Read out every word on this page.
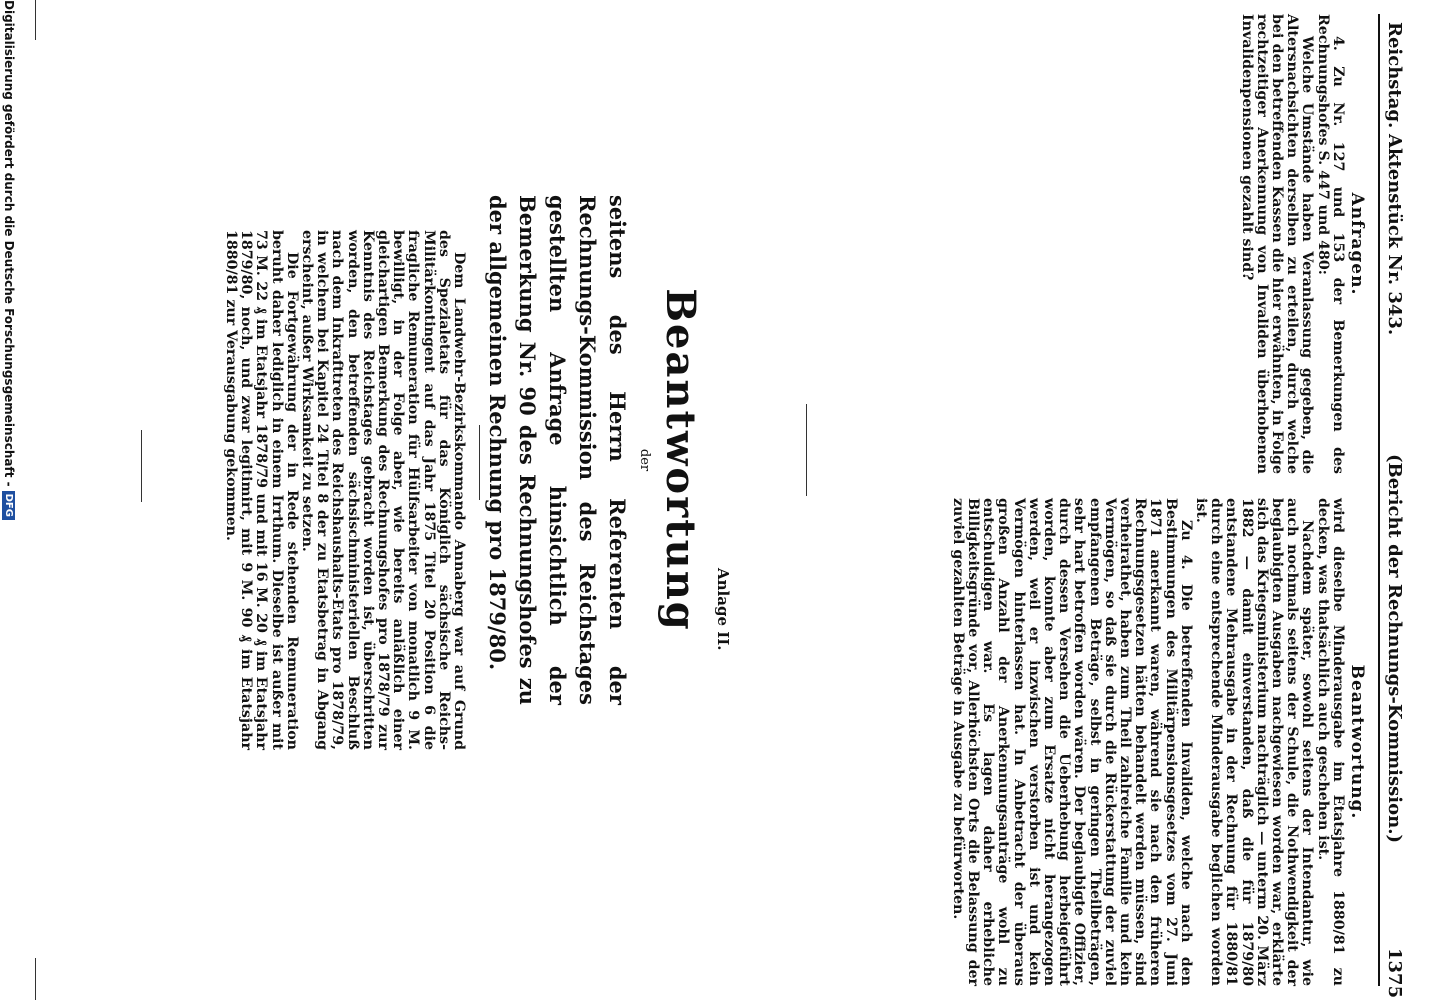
Reichstag.
Aktenstück Nr. 343.
(Bericht der Rechnungs-Kommission.)
1375
Anfragen.

4. Zu Nr. 127 und 153 der Bemerkungen des Rechnungshofes S. 447 und 480:

Welche Umstände haben Veranlassung gegeben, die Altersnachsichten derselben zu erteilen, durch welche bei den betreffenden Kassen die hier erwähnten, in Folge rechtzeitiger Anerkennung von Invaliden überhobenen Invalidenpensionen gezahlt sind?

Beantwortung.

wird dieselbe Minderausgabe im Etatsjahre 1880/81 zu decken, was thatsächlich auch geschehen ist.

Nachdem später, sowohl seitens der Intendantur, wie auch nochmals seitens der Schule, die Nothwendigkeit der beglaubigten Ausgaben nachgewiesen worden war, erklärte sich das Kriegsministerium nachträglich — unterm 20. März 1882 — damit einverstanden, daß die für 1879/80 entstandene Mehrausgabe in der Rechnung für 1880/81 durch eine entsprechende Minderausgabe beglichen worden ist.

Zu 4. Die betreffenden Invaliden, welche nach den Bestimmungen des Militärpensionsgesetzes vom 27. Juni 1871 anerkannt waren, während sie nach den früheren Rechnungsgesetzen hätten behandelt werden müssen, sind verheirathet, haben zum Theil zahlreiche Familie und kein Vermögen, so daß sie durch die Rückerstattung der zuviel empfangenen Beträge, selbst in geringen Theilbeträgen, sehr hart betroffen worden wären. Der beglaubigte Offizier, durch dessen Versehen die Ueberhebung herbeigeführt worden, konnte aber zum Ersatze nicht herangezogen werden, weil er inzwischen verstorben ist und kein Vermögen hinterlassen hat. In Anbetracht der überaus großen Anzahl der Anerkennungsanträge wohl zu entschuldigen war. Es lagen daher erhebliche Billigkeitsgründe vor, Allerhöchsten Orts die Belassung der zuviel gezahlten Beträge in Ausgabe zu befürworten.

Anlage II.
Beantwortung
der
seitens des Herrn Referenten der Rechnungs-Kommission des Reichstages gestellten Anfrage hinsichtlich der Bemerkung Nr. 90 des Rechnungshofes zu der allgemeinen Rechnung pro 1879/80.

Dem Landwehr-Bezirkskommando Annaberg war auf Grund des Spezialetats für das Königlich sächsische Reichs-Militärkontingent auf das Jahr 1875 Titel 20 Position 6 die fragliche Remuneration für Hülfsarbeiter von monatlich 9 M. bewilligt, in der Folge aber, wie bereits anläßlich einer gleichartigen Bemerkung des Rechnungshofes pro 1878/79 zur Kenntnis des Reichstages gebracht worden ist, überschritten worden, den betreffenden sächsischministeriellen Beschluß nach dem Inkrafttreten des Reichshaushalts-Etats pro 1878/79, in welchem bei Kapitel 24 Titel 8 der zu Etatsbetrag in Abgang erscheint, außer Wirksamkeit zu setzen.

Die Fortgewährung der in Rede stehenden Remuneration beruht daher lediglich in einem Irrthum. Dieselbe ist außer mit 73 M. 22 ₰ im Etatsjahr 1878/79 und mit 16 M. 20 ₰ im Etatsjahr 1879/80, noch, und zwar legitimirt, mit 9 M. 90 ₰ im Etatsjahr 1880/81 zur Verausgabung gekommen.

Digitalisierung gefördert durch die Deutsche Forschungsgemeinschaft -DFG
